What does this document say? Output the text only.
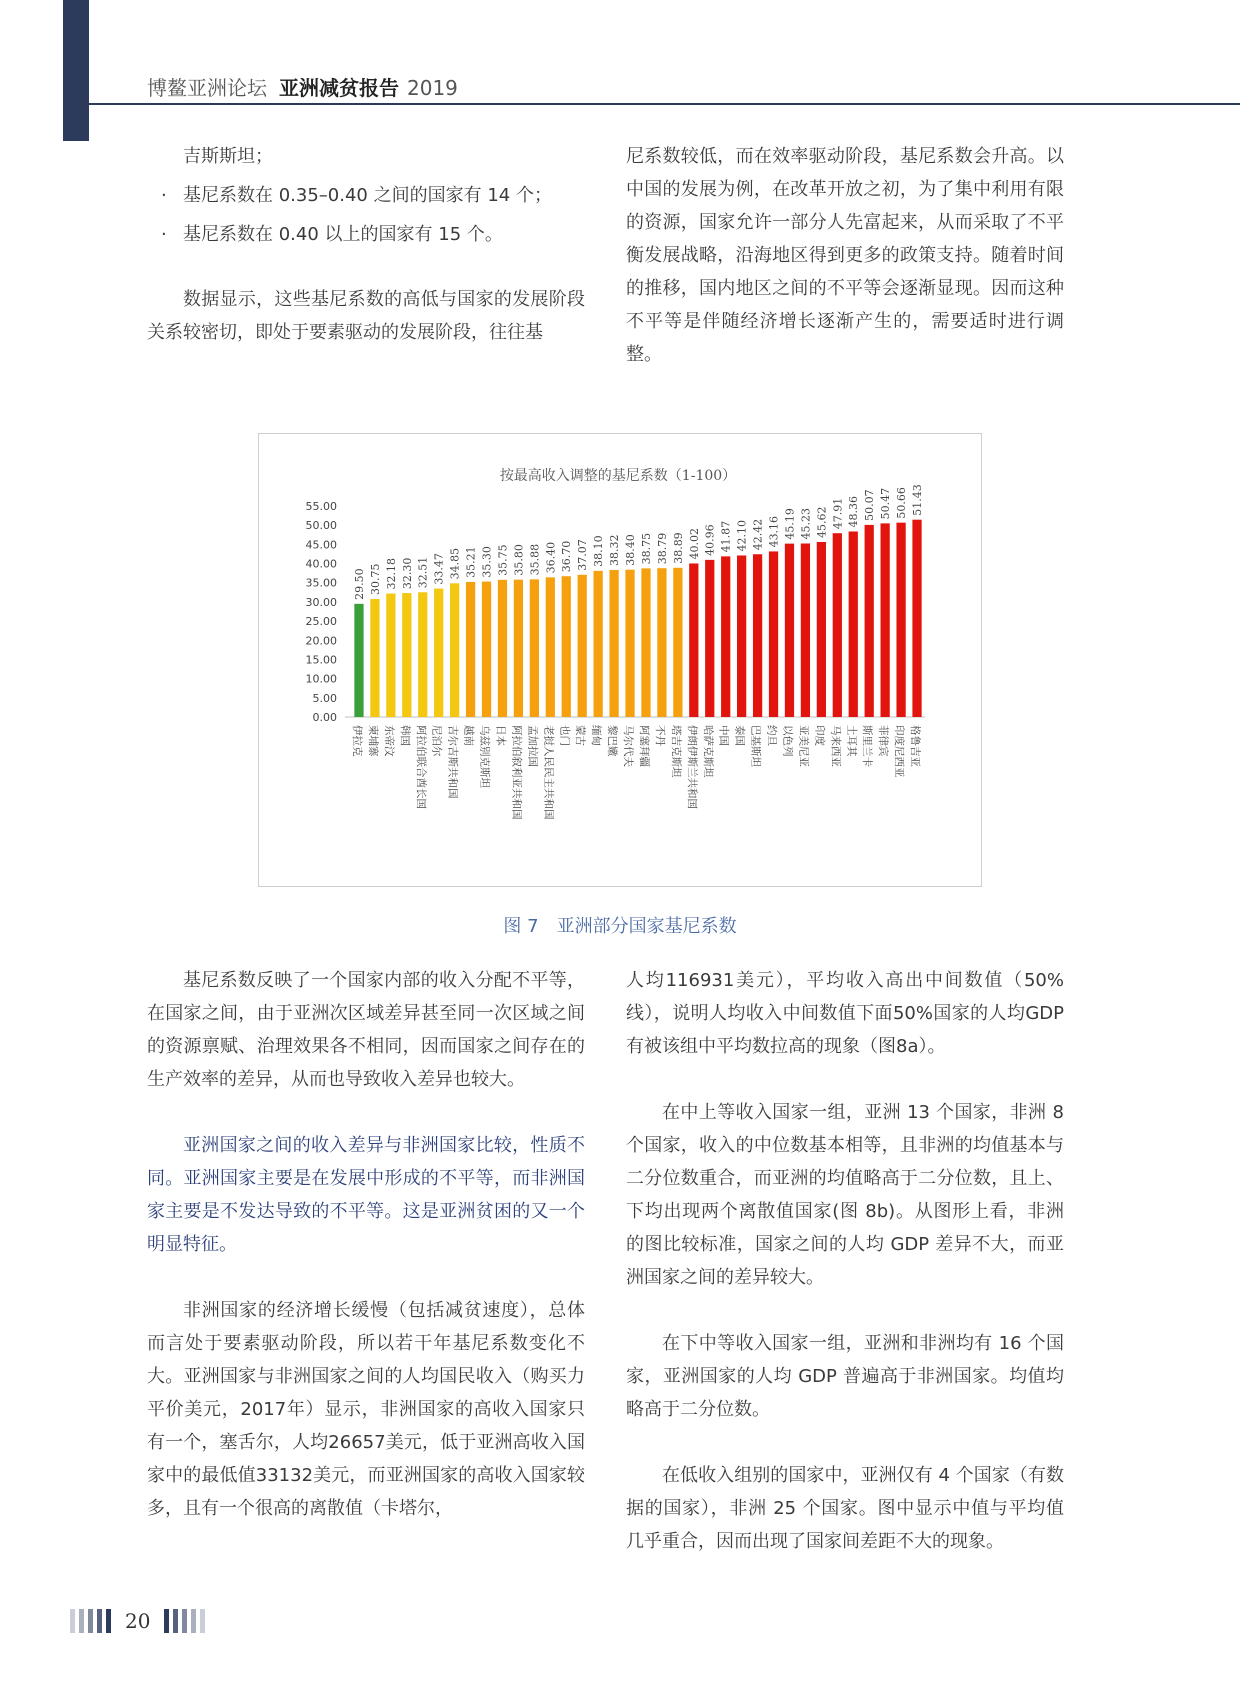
博鳌亚洲论坛 亚洲减贫报告 2019

吉斯斯坦；

· 基尼系数在 0.35–0.40 之间的国家有 14 个；

· 基尼系数在 0.40 以上的国家有 15 个。

数据显示，这些基尼系数的高低与国家的发展阶段关系较密切，即处于要素驱动的发展阶段，往往基

尼系数较低，而在效率驱动阶段，基尼系数会升高。以中国的发展为例，在改革开放之初，为了集中利用有限的资源，国家允许一部分人先富起来，从而采取了不平衡发展战略，沿海地区得到更多的政策支持。随着时间的推移，国内地区之间的不平等会逐渐显现。因而这种不平等是伴随经济增长逐渐产生的，需要适时进行调整。

按最高收入调整的基尼系数（1-100）
55.00
50.00
45.00
40.00
35.00
30.00
25.00
20.00
15.00
10.00
5.00
0.00
29.50
伊拉克
30.75
柬埔寨
32.18
东帝汶
32.30
韩国
32.51
阿拉伯联合酋长国
33.47
尼泊尔
34.85
吉尔吉斯共和国
35.21
越南
35.30
乌兹别克斯坦
35.75
日本
35.80
阿拉伯叙利亚共和国
35.88
孟加拉国
36.40
老挝人民民主共和国
36.70
也门
37.07
蒙古
38.10
缅甸
38.32
黎巴嫩
38.40
马尔代夫
38.75
阿塞拜疆
38.79
不丹
38.89
塔吉克斯坦
40.02
伊朗伊斯兰共和国
40.96
哈萨克斯坦
41.87
中国
42.10
泰国
42.42
巴基斯坦
43.16
约旦
45.19
以色列
45.23
亚美尼亚
45.62
印度
47.91
马来西亚
48.36
土耳其
50.07
斯里兰卡
50.47
菲律宾
50.66
印度尼西亚
51.43
格鲁吉亚
图 7　亚洲部分国家基尼系数

基尼系数反映了一个国家内部的收入分配不平等，在国家之间，由于亚洲次区域差异甚至同一次区域之间的资源禀赋、治理效果各不相同，因而国家之间存在的生产效率的差异，从而也导致收入差异也较大。

亚洲国家之间的收入差异与非洲国家比较，性质不同。亚洲国家主要是在发展中形成的不平等，而非洲国家主要是不发达导致的不平等。这是亚洲贫困的又一个明显特征。

非洲国家的经济增长缓慢（包括减贫速度），总体而言处于要素驱动阶段，所以若干年基尼系数变化不大。亚洲国家与非洲国家之间的人均国民收入（购买力平价美元，2017年）显示，非洲国家的高收入国家只有一个，塞舌尔，人均26657美元，低于亚洲高收入国家中的最低值33132美元，而亚洲国家的高收入国家较多，且有一个很高的离散值（卡塔尔，

人均116931美元），平均收入高出中间数值（50%线），说明人均收入中间数值下面50%国家的人均GDP有被该组中平均数拉高的现象（图8a）。

在中上等收入国家一组，亚洲 13 个国家，非洲 8 个国家，收入的中位数基本相等，且非洲的均值基本与二分位数重合，而亚洲的均值略高于二分位数，且上、下均出现两个离散值国家(图 8b)。从图形上看，非洲的图比较标准，国家之间的人均 GDP 差异不大，而亚洲国家之间的差异较大。

在下中等收入国家一组，亚洲和非洲均有 16 个国家，亚洲国家的人均 GDP 普遍高于非洲国家。均值均略高于二分位数。

在低收入组别的国家中，亚洲仅有 4 个国家（有数据的国家），非洲 25 个国家。图中显示中值与平均值几乎重合，因而出现了国家间差距不大的现象。

20
